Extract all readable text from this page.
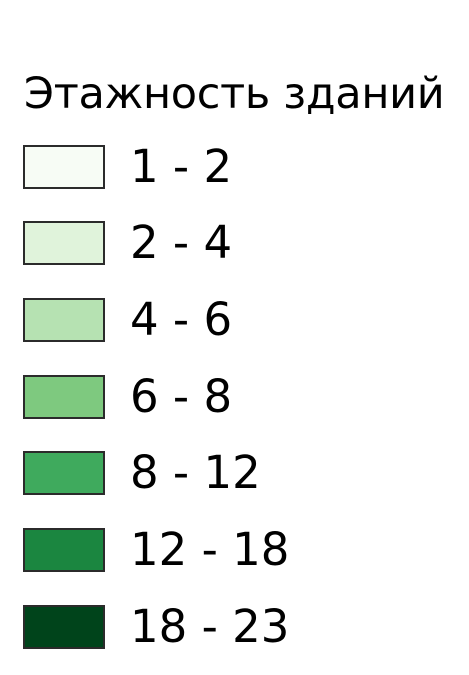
Этажность зданий
1 - 2
2 - 4
4 - 6
6 - 8
8 - 12
12 - 18
18 - 23
